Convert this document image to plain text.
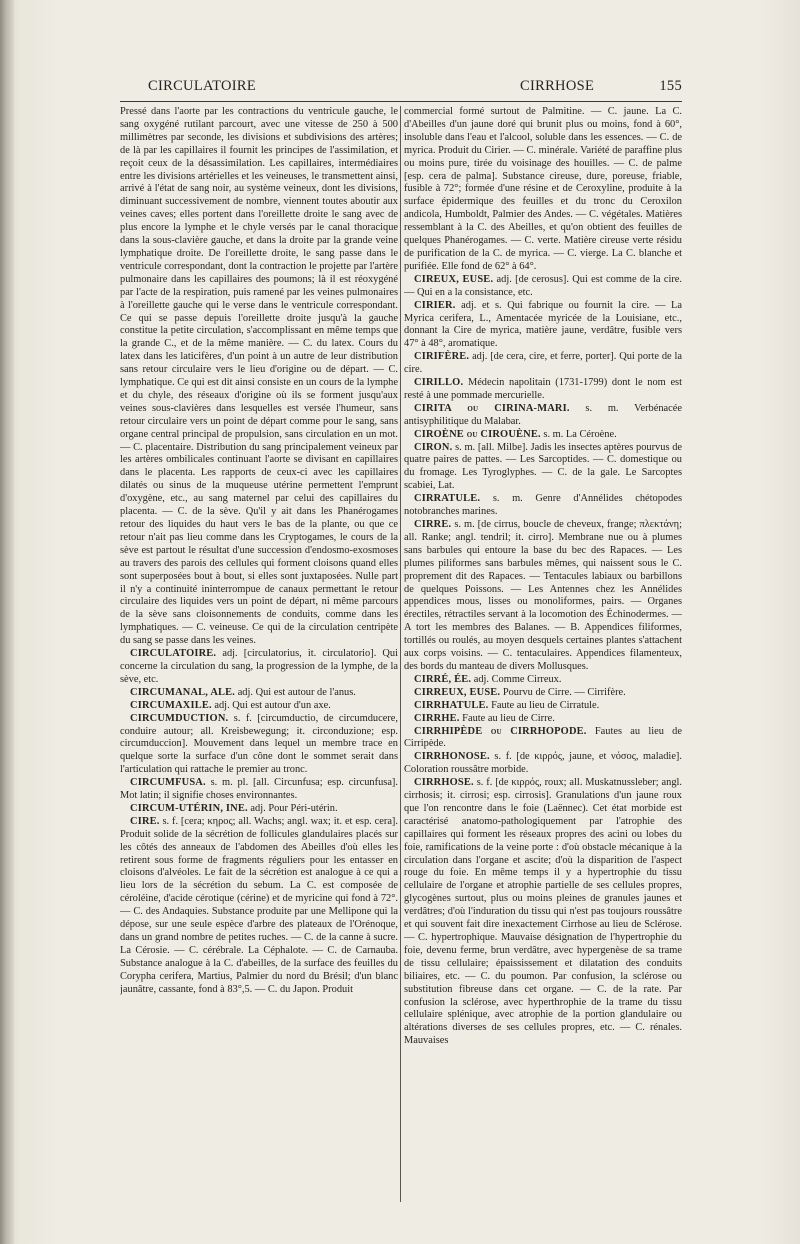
CIRCULATOIRE	CIRRHOSE	155

Pressé dans l'aorte par les contractions du ventricule gauche, le sang oxygéné rutilant parcourt, avec une vitesse de 250 à 500 millimètres par seconde, les divisions et subdivisions des artères; de là par les capillaires il fournit les principes de l'assimilation, et reçoit ceux de la désassimilation. Les capillaires, intermédiaires entre les divisions artérielles et les veineuses, le transmettent ainsi, arrivé à l'état de sang noir, au système veineux, dont les divisions, diminuant successivement de nombre, viennent toutes aboutir aux veines caves; elles portent dans l'oreillette droite le sang avec de plus encore la lymphe et le chyle versés par le canal thoracique dans la sous-clavière gauche, et dans la droite par la grande veine lymphatique droite. De l'oreillette droite, le sang passe dans le ventricule correspondant, dont la contraction le projette par l'artère pulmonaire dans les capillaires des poumons; là il est réoxygéné par l'acte de la respiration, puis ramené par les veines pulmonaires à l'oreillette gauche qui le verse dans le ventricule correspondant. Ce qui se passe depuis l'oreillette droite jusqu'à la gauche constitue la petite circulation, s'accomplissant en même temps que la grande C., et de la même manière. — C. du latex. Cours du latex dans les laticifères, d'un point à un autre de leur distribution sans retour circulaire vers le lieu d'origine ou de départ. — C. lymphatique. Ce qui est dit ainsi consiste en un cours de la lymphe et du chyle, des réseaux d'origine où ils se forment jusqu'aux veines sous-clavières dans lesquelles est versée l'humeur, sans retour circulaire vers un point de départ comme pour le sang, sans organe central principal de propulsion, sans circulation en un mot. — C. placentaire. Distribution du sang principalement veineux par les artères ombilicales continuant l'aorte se divisant en capillaires dans le placenta. Les rapports de ceux-ci avec les capillaires dilatés ou sinus de la muqueuse utérine permettent l'emprunt d'oxygène, etc., au sang maternel par celui des capillaires du placenta. — C. de la sève. Qu'il y ait dans les Phanérogames retour des liquides du haut vers le bas de la plante, ou que ce retour n'ait pas lieu comme dans les Cryptogames, le cours de la sève est partout le résultat d'une succession d'endosmo-exosmoses au travers des parois des cellules qui forment cloisons quand elles sont superposées bout à bout, si elles sont juxtaposées. Nulle part il n'y a continuité ininterrompue de canaux permettant le retour circulaire des liquides vers un point de départ, ni même parcours de la sève sans cloisonnements de conduits, comme dans les lymphatiques. — C. veineuse. Ce qui de la circulation centripète du sang se passe dans les veines.

CIRCULATOIRE. adj. [circulatorius, it. circulatorio]. Qui concerne la circulation du sang, la progression de la lymphe, de la sève, etc.

CIRCUMANAL, ALE. adj. Qui est autour de l'anus.

CIRCUMAXILE. adj. Qui est autour d'un axe.

CIRCUMDUCTION. s. f. [circumductio, de circumducere, conduire autour; all. Kreisbewegung; it. circonduzione; esp. circumduccion]. Mouvement dans lequel un membre trace en quelque sorte la surface d'un cône dont le sommet serait dans l'articulation qui rattache le premier au tronc.

CIRCUMFUSA. s. m. pl. [all. Circunfusa; esp. circunfusa]. Mot latin; il signifie choses environnantes.

CIRCUM-UTÉRIN, INE. adj. Pour Péri-utérin.

CIRE. s. f. [cera; κηρος; all. Wachs; angl. wax; it. et esp. cera]. Produit solide de la sécrétion de follicules glandulaires placés sur les côtés des anneaux de l'abdomen des Abeilles d'où elles les retirent sous forme de fragments réguliers pour les entasser en cloisons d'alvéoles. Le fait de la sécrétion est analogue à ce qui a lieu lors de la sécrétion du sebum. La C. est composée de céroléine, d'acide cérotique (cérine) et de myricine qui fond à 72°. — C. des Andaquies. Substance produite par une Mellipone qui la dépose, sur une seule espèce d'arbre des plateaux de l'Orénoque, dans un grand nombre de petites ruches. — C. de la canne à sucre. La Cérosie. — C. cérébrale. La Céphalote. — C. de Carnauba. Substance analogue à la C. d'abeilles, de la surface des feuilles du Corypha cerifera, Martius, Palmier du nord du Brésil; d'un blanc jaunâtre, cassante, fond à 83°,5. — C. du Japon. Produit

commercial formé surtout de Palmitine. — C. jaune. La C. d'Abeilles d'un jaune doré qui brunit plus ou moins, fond à 60°, insoluble dans l'eau et l'alcool, soluble dans les essences. — C. de myrica. Produit du Cirier. — C. minérale. Variété de paraffine plus ou moins pure, tirée du voisinage des houilles. — C. de palme [esp. cera de palma]. Substance cireuse, dure, poreuse, friable, fusible à 72°; formée d'une résine et de Ceroxyline, produite à la surface épidermique des feuilles et du tronc du Ceroxilon andicola, Humboldt, Palmier des Andes. — C. végétales. Matières ressemblant à la C. des Abeilles, et qu'on obtient des feuilles de quelques Phanérogames. — C. verte. Matière cireuse verte résidu de purification de la C. de myrica. — C. vierge. La C. blanche et purifiée. Elle fond de 62° à 64°.

CIREUX, EUSE. adj. [de cerosus]. Qui est comme de la cire. — Qui en a la consistance, etc.

CIRIER. adj. et s. Qui fabrique ou fournit la cire. — La Myrica cerifera, L., Amentacée myricée de la Louisiane, etc., donnant la Cire de myrica, matière jaune, verdâtre, fusible vers 47° à 48°, aromatique.

CIRIFÈRE. adj. [de cera, cire, et ferre, porter]. Qui porte de la cire.

CIRILLO. Médecin napolitain (1731-1799) dont le nom est resté à une pommade mercurielle.

CIRITA ou CIRINA-MARI. s. m. Verbénacée antisyphilitique du Malabar.

CIROÈNE ou CIROUÈNE. s. m. La Céroène.

CIRON. s. m. [all. Milbe]. Jadis les insectes aptères pourvus de quatre paires de pattes. — Les Sarcoptides. — C. domestique ou du fromage. Les Tyroglyphes. — C. de la gale. Le Sarcoptes scabiei, Lat.

CIRRATULE. s. m. Genre d'Annélides chétopodes notobranches marines.

CIRRE. s. m. [de cirrus, boucle de cheveux, frange; πλεκτάνη; all. Ranke; angl. tendril; it. cirro]. Membrane nue ou à plumes sans barbules qui entoure la base du bec des Rapaces. — Les plumes piliformes sans barbules mêmes, qui naissent sous le C. proprement dit des Rapaces. — Tentacules labiaux ou barbillons de quelques Poissons. — Les Antennes chez les Annélides appendices mous, lisses ou monoliformes, pairs. — Organes érectiles, rétractiles servant à la locomotion des Échinodermes. — A tort les membres des Balanes. — B. Appendices filiformes, tortillés ou roulés, au moyen desquels certaines plantes s'attachent aux corps voisins. — C. tentaculaires. Appendices filamenteux, des bords du manteau de divers Mollusques.

CIRRÉ, ÉE. adj. Comme Cirreux.

CIRREUX, EUSE. Pourvu de Cirre. — Cirrifère.

CIRRHATULE. Faute au lieu de Cirratule.

CIRRHE. Faute au lieu de Cirre.

CIRRHIPÈDE ou CIRRHOPODE. Fautes au lieu de Cirripède.

CIRRHONOSE. s. f. [de κιρρός, jaune, et νόσος, maladie]. Coloration roussâtre morbide.

CIRRHOSE. s. f. [de κιρρός, roux; all. Muskatnussleber; angl. cirrhosis; it. cirrosi; esp. cirrosis]. Granulations d'un jaune roux que l'on rencontre dans le foie (Laënnec). Cet état morbide est caractérisé anatomo-pathologiquement par l'atrophie des capillaires qui forment les réseaux propres des acini ou lobes du foie, ramifications de la veine porte : d'où obstacle mécanique à la circulation dans l'organe et ascite; d'où la disparition de l'aspect rouge du foie. En même temps il y a hypertrophie du tissu cellulaire de l'organe et atrophie partielle de ses cellules propres, glycogènes surtout, plus ou moins pleines de granules jaunes et verdâtres; d'où l'induration du tissu qui n'est pas toujours roussâtre et qui souvent fait dire inexactement Cirrhose au lieu de Sclérose. — C. hypertrophique. Mauvaise désignation de l'hypertrophie du foie, devenu ferme, brun verdâtre, avec hypergenèse de sa trame de tissu cellulaire; épaississement et dilatation des conduits biliaires, etc. — C. du poumon. Par confusion, la sclérose ou substitution fibreuse dans cet organe. — C. de la rate. Par confusion la sclérose, avec hyperthrophie de la trame du tissu cellulaire splénique, avec atrophie de la portion glandulaire ou altérations diverses de ses cellules propres, etc. — C. rénales. Mauvaises
